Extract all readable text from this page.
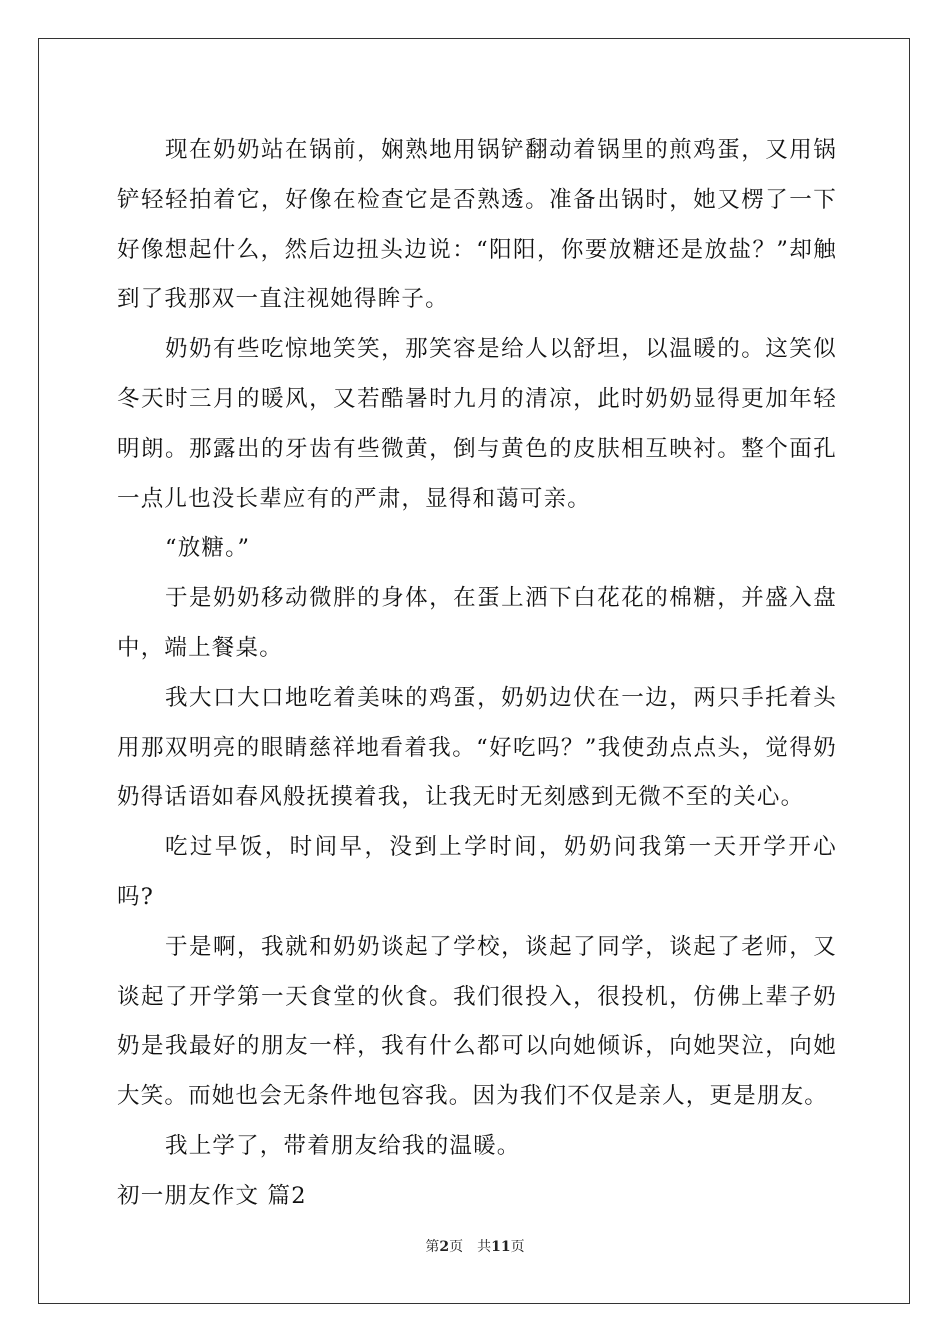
现在奶奶站在锅前，娴熟地用锅铲翻动着锅里的煎鸡蛋，又用锅铲轻轻拍着它，好像在检查它是否熟透。准备出锅时，她又楞了一下好像想起什么，然后边扭头边说：“阳阳，你要放糖还是放盐？”却触到了我那双一直注视她得眸子。

奶奶有些吃惊地笑笑，那笑容是给人以舒坦，以温暖的。这笑似冬天时三月的暖风，又若酷暑时九月的清凉，此时奶奶显得更加年轻明朗。那露出的牙齿有些微黄，倒与黄色的皮肤相互映衬。整个面孔一点儿也没长辈应有的严肃，显得和蔼可亲。

“放糖。”

于是奶奶移动微胖的身体，在蛋上洒下白花花的棉糖，并盛入盘中，端上餐桌。

我大口大口地吃着美味的鸡蛋，奶奶边伏在一边，两只手托着头用那双明亮的眼睛慈祥地看着我。“好吃吗？”我使劲点点头，觉得奶奶得话语如春风般抚摸着我，让我无时无刻感到无微不至的关心。

吃过早饭，时间早，没到上学时间，奶奶问我第一天开学开心吗?

于是啊，我就和奶奶谈起了学校，谈起了同学，谈起了老师，又谈起了开学第一天食堂的伙食。我们很投入，很投机，仿佛上辈子奶奶是我最好的朋友一样，我有什么都可以向她倾诉，向她哭泣，向她大笑。而她也会无条件地包容我。因为我们不仅是亲人，更是朋友。

我上学了，带着朋友给我的温暖。

初一朋友作文 篇2

第2页　共11页
